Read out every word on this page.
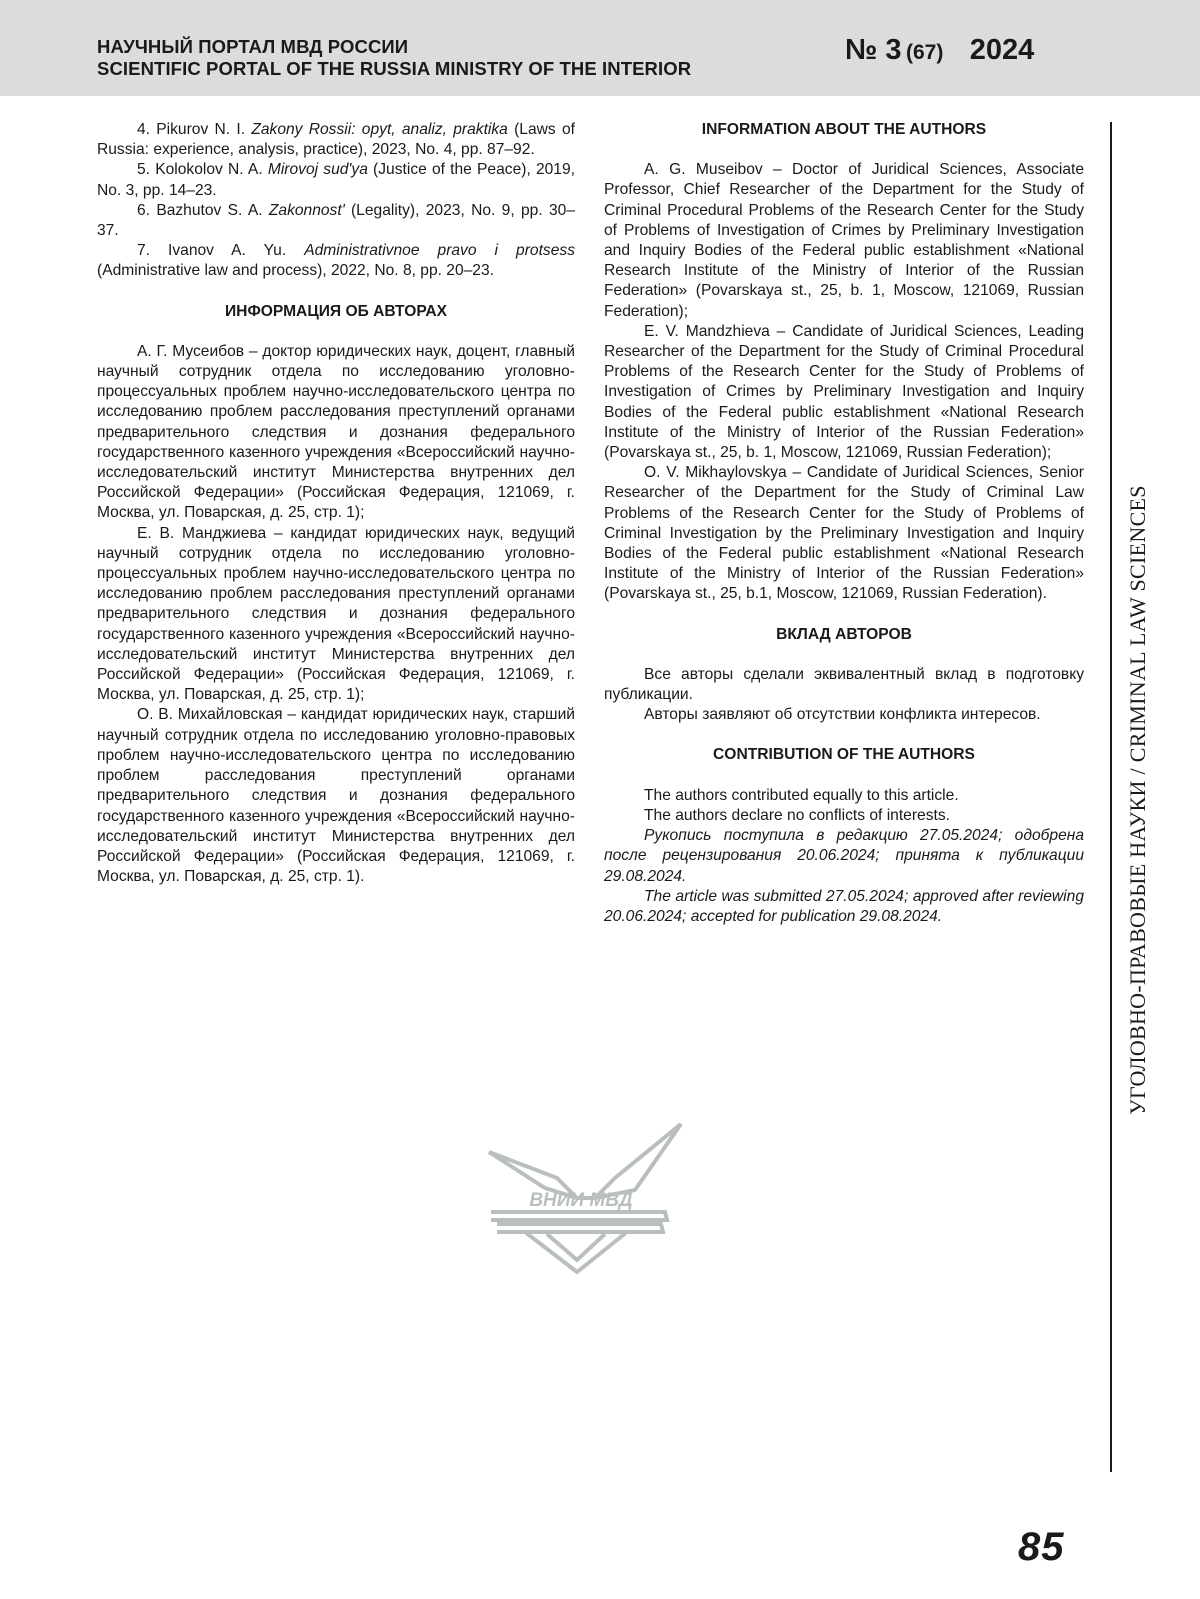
НАУЧНЫЙ ПОРТАЛ МВД РОССИИ
SCIENTIFIC PORTAL OF THE RUSSIA MINISTRY OF THE INTERIOR
№ 3 (67) 2024

4. Pikurov N. I. Zakony Rossii: opyt, analiz, praktika (Laws of Russia: experience, analysis, practice), 2023, No. 4, pp. 87–92.

5. Kolokolov N. A. Mirovoj sud'ya (Justice of the Peace), 2019, No. 3, pp. 14–23.

6. Bazhutov S. A. Zakonnost' (Legality), 2023, No. 9, pp. 30–37.

7. Ivanov A. Yu. Administrativnoe pravo i protsess (Administrative law and process), 2022, No. 8, pp. 20–23.

ИНФОРМАЦИЯ ОБ АВТОРАХ

А. Г. Мусеибов – доктор юридических наук, доцент, главный научный сотрудник отдела по исследованию уголовно-процессуальных проблем научно-исследовательского центра по исследованию проблем расследования преступлений органами предварительного следствия и дознания федерального государственного казенного учреждения «Всероссийский научно-исследовательский институт Министерства внутренних дел Российской Федерации» (Российская Федерация, 121069, г. Москва, ул. Поварская, д. 25, стр. 1);

Е. В. Манджиева – кандидат юридических наук, ведущий научный сотрудник отдела по исследованию уголовно-процессуальных проблем научно-исследовательского центра по исследованию проблем расследования преступлений органами предварительного следствия и дознания федерального государственного казенного учреждения «Всероссийский научно-исследовательский институт Министерства внутренних дел Российской Федерации» (Российская Федерация, 121069, г. Москва, ул. Поварская, д. 25, стр. 1);

О. В. Михайловская – кандидат юридических наук, старший научный сотрудник отдела по исследованию уголовно-правовых проблем научно-исследовательского центра по исследованию проблем расследования преступлений органами предварительного следствия и дознания федерального государственного казенного учреждения «Всероссийский научно-исследовательский институт Министерства внутренних дел Российской Федерации» (Российская Федерация, 121069, г. Москва, ул. Поварская, д. 25, стр. 1).

INFORMATION ABOUT THE AUTHORS

A. G. Museibov – Doctor of Juridical Sciences, Associate Professor, Chief Researcher of the Department for the Study of Criminal Procedural Problems of the Research Center for the Study of Problems of Investigation of Crimes by Preliminary Investigation and Inquiry Bodies of the Federal public establishment «National Research Institute of the Ministry of Interior of the Russian Federation» (Povarskaya st., 25, b. 1, Moscow, 121069, Russian Federation);

E. V. Mandzhieva – Candidate of Juridical Sciences, Leading Researcher of the Department for the Study of Criminal Procedural Problems of the Research Center for the Study of Problems of Investigation of Crimes by Preliminary Investigation and Inquiry Bodies of the Federal public establishment «National Research Institute of the Ministry of Interior of the Russian Federation» (Povarskaya st., 25, b. 1, Moscow, 121069, Russian Federation);

O. V. Mikhaylovskya – Candidate of Juridical Sciences, Senior Researcher of the Department for the Study of Criminal Law Problems of the Research Center for the Study of Problems of Criminal Investigation by the Preliminary Investigation and Inquiry Bodies of the Federal public establishment «National Research Institute of the Ministry of Interior of the Russian Federation» (Povarskaya st., 25, b.1, Moscow, 121069, Russian Federation).

ВКЛАД АВТОРОВ

Все авторы сделали эквивалентный вклад в подготовку публикации.

Авторы заявляют об отсутствии конфликта интересов.

CONTRIBUTION OF THE AUTHORS

The authors contributed equally to this article.

The authors declare no conflicts of interests.

Рукопись поступила в редакцию 27.05.2024; одобрена после рецензирования 20.06.2024; принята к публикации 29.08.2024.

The article was submitted 27.05.2024; approved after reviewing 20.06.2024; accepted for publication 29.08.2024.	УГОЛОВНО-ПРАВОВЫЕ НАУКИ / CRIMINAL LAW SCIENCES
ВНИИ МВД
85
